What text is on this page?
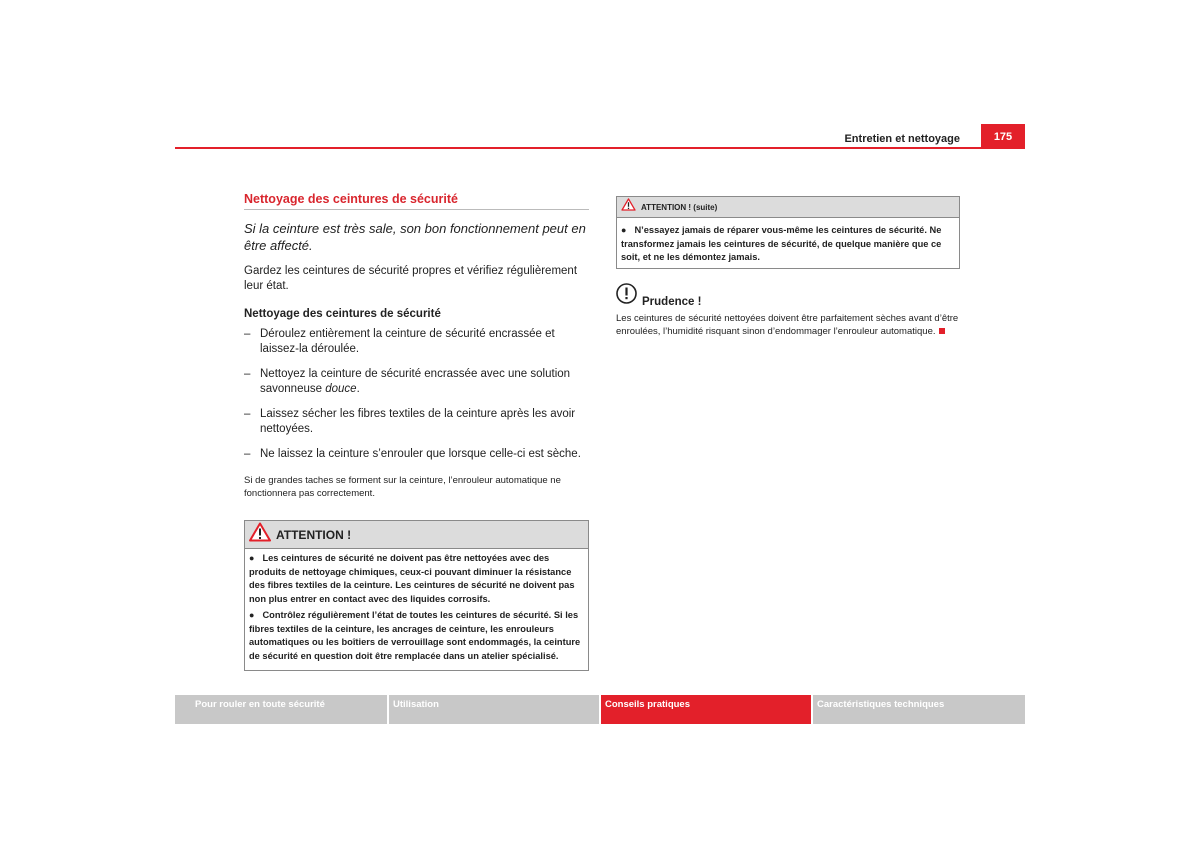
Entretien et nettoyage	175
Nettoyage des ceintures de sécurité

Si la ceinture est très sale, son bon fonctionnement peut en être affecté.

Gardez les ceintures de sécurité propres et vérifiez régulièrement leur état.

Nettoyage des ceintures de sécurité

– Déroulez entièrement la ceinture de sécurité encrassée et laissez-la déroulée.
– Nettoyez la ceinture de sécurité encrassée avec une solution savonneuse douce.
– Laissez sécher les fibres textiles de la ceinture après les avoir nettoyées.
– Ne laissez la ceinture s’enrouler que lorsque celle-ci est sèche.

Si de grandes taches se forment sur la ceinture, l’enrouleur automatique ne fonctionnera pas correctement.

ATTENTION !

● Les ceintures de sécurité ne doivent pas être nettoyées avec des produits de nettoyage chimiques, ceux-ci pouvant diminuer la résistance des fibres textiles de la ceinture. Les ceintures de sécurité ne doivent pas non plus entrer en contact avec des liquides corrosifs.

● Contrôlez régulièrement l’état de toutes les ceintures de sécurité. Si les fibres textiles de la ceinture, les ancrages de ceinture, les enrouleurs automatiques ou les boîtiers de verrouillage sont endommagés, la ceinture de sécurité en question doit être remplacée dans un atelier spécialisé.

ATTENTION ! (suite)

● N’essayez jamais de réparer vous-même les ceintures de sécurité. Ne transformez jamais les ceintures de sécurité, de quelque manière que ce soit, et ne les démontez jamais.

Prudence !

Les ceintures de sécurité nettoyées doivent être parfaitement sèches avant d’être enroulées, l’humidité risquant sinon d’endommager l’enrouleur automatique.

Pour rouler en toute sécurité	Utilisation	Conseils pratiques	Caractéristiques techniques
